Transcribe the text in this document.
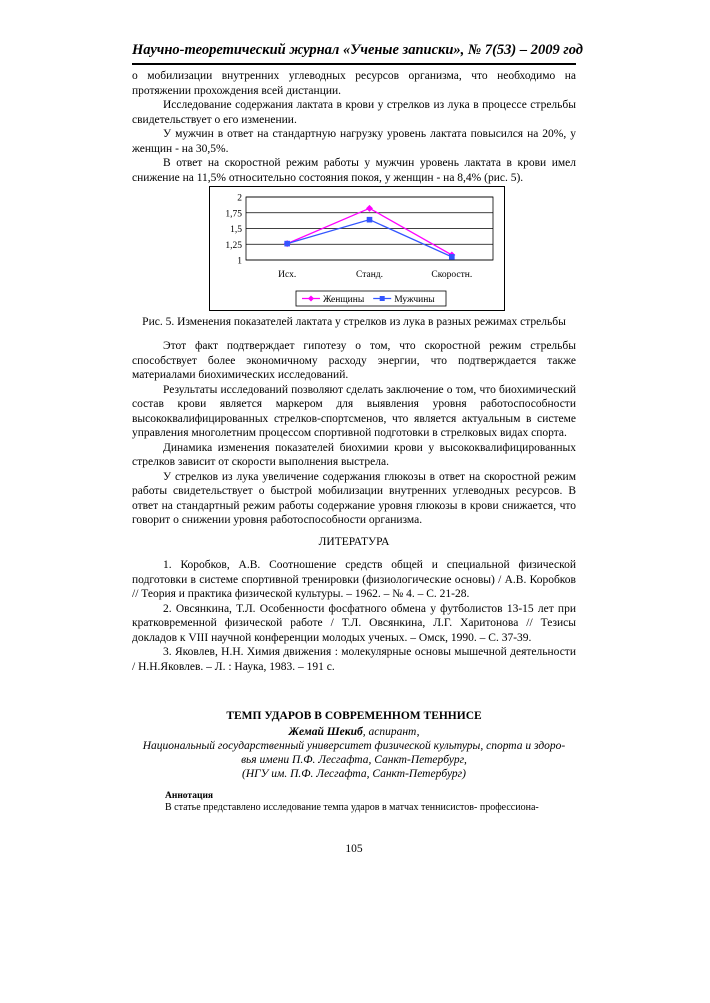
Научно-теоретический журнал «Ученые записки», № 7(53) – 2009 год

о мобилизации внутренних углеводных ресурсов организма, что необходимо на протяжении прохождения всей дистанции.

Исследование содержания лактата в крови у стрелков из лука в процессе стрельбы свидетельствует о его изменении.

У мужчин в ответ на стандартную нагрузку уровень лактата повысился на 20%, у женщин - на 30,5%.

В ответ на скоростной режим работы у мужчин уровень лактата в крови имел снижение на 11,5% относительно состояния покоя, у женщин - на 8,4% (рис. 5).

2
1,75
1,5
1,25
1
Исх.	Станд.	Скоростн.
Женщины	Мужчины
Рис. 5. Изменения показателей лактата у стрелков из лука в разных режимах стрельбы

Этот факт подтверждает гипотезу о том, что скоростной режим стрельбы способствует более экономичному расходу энергии, что подтверждается также материалами биохимических исследований.

Результаты исследований позволяют сделать заключение о том, что биохимический состав крови является маркером для выявления уровня работоспособности высококвалифицированных стрелков-спортсменов, что является актуальным в системе управления многолетним процессом спортивной подготовки в стрелковых видах спорта.

Динамика изменения показателей биохимии крови у высококвалифицированных стрелков зависит от скорости выполнения выстрела.

У стрелков из лука увеличение содержания глюкозы в ответ на скоростной режим работы свидетельствует о быстрой мобилизации внутренних углеводных ресурсов. В ответ на стандартный режим работы содержание уровня глюкозы в крови снижается, что говорит о снижении уровня работоспособности организма.

ЛИТЕРАТУРА

1. Коробков, А.В. Соотношение средств общей и специальной физической подготовки в системе спортивной тренировки (физиологические основы) / А.В. Коробков // Теория и практика физической культуры. – 1962. – № 4. – С. 21-28.

2. Овсянкина, Т.Л. Особенности фосфатного обмена у футболистов 13-15 лет при кратковременной физической работе / Т.Л. Овсянкина, Л.Г. Харитонова // Тезисы докладов к VIII научной конференции молодых ученых. – Омск, 1990. – С. 37-39.

3. Яковлев, Н.Н. Химия движения : молекулярные основы мышечной деятельности / Н.Н.Яковлев. – Л. : Наука, 1983. – 191 с.

ТЕМП УДАРОВ В СОВРЕМЕННОМ ТЕННИСЕ
Жемай Шекиб, аспирант,
Национальный государственный университет физической культуры, спорта и здоро-
вья имени П.Ф. Лесгафта, Санкт-Петербург,
(НГУ им. П.Ф. Лесгафта, Санкт-Петербург)
Аннотация
В статье представлено исследование темпа ударов в матчах теннисистов- профессиона-
105
